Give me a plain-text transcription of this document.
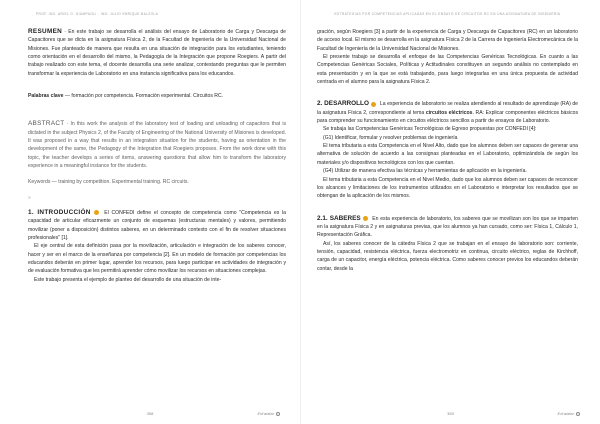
PROF. ING. ARIEL O. GIAMPAOLI - ING. JULIO ENRIQUE BALZOLA

RESUMEN · En este trabajo se desarrolla el análisis del ensayo de Laboratorio de Carga y Descarga de Capacitores que se dicta en la asignatura Física 2, de la Facultad de Ingeniería de la Universidad Nacional de Misiones. Fue planteado de manera que resulta en una situación de integración para los estudiantes, teniendo como orientación en el desarrollo del mismo, la Pedagogía de la Integración que propone Roegiers. A partir del trabajo realizado con este tema, el docente desarrolla una serie analizar, contestando preguntas que le permiten transformar la experiencia de Laboratorio en una instancia significativa para los educandos.

Palabras clave — formación por competencia. Formación experimental. Circuitos RC.

ABSTRACT · In this work the analysis of the laboratory test of loading and unloading of capacitors that is dictated in the subject Physics 2, of the Faculty of Engineering of the National University of Misiones is developed. It was proposed in a way that results in an integration situation for the students, having as orientation in the development of the same, the Pedagogy of the Integration that Roegiers proposes. From the work done with this topic, the teacher develops a series of items, answering questions that allow him to transform the laboratory experience in a meaningful instance for the students.

Keywords — training by competition. Experimental training. RC circuits.

»

1. INTRODUCCIÓN	El CONFEDI define el concepto de competencia como "Competencia es la capacidad de articular eficazmente un conjunto de esquemas (estructuras mentales) y valores, permitiendo movilizar (poner a disposición) distintos saberes, en un determinado contexto con el fin de resolver situaciones profesionales" [1].

El eje central de esta definición pasa por la movilización, articulación e integración de los saberes conocer, hacer y ser en el marco de la enseñanza por competencia [2]. En un modelo de formación por competencias los educandos deberán en primer lugar, aprender los recursos, para luego participar en actividades de integración y de evaluación formativa que les permitirá aprender cómo movilizar los recursos en situaciones complejas.

Este trabajo presenta el ejemplo de planteo del desarrollo de una situación de inte-

358	Ext'abitar
ESTRATEGIAS POR COMPETENCIAS APLICADAS EN EL ENSAYO DE CIRCUITOS RC EN UNA ASIGNATURA DE INGENIERÍA

gración, según Roegiers [3] a partir de la experiencia de Carga y Descarga de Capacitores (RC) en un laboratorio de acceso local. El mismo se desarrolla en la asignatura Física 2 de la Carrera de Ingeniería Electromecánica de la Facultad de Ingeniería de la Universidad Nacional de Misiones.

El presente trabajo se desarrolla el enfoque de las Competencias Genéricas Tecnológicas. En cuanto a las Competencias Genéricas Sociales, Políticas y Actitudinales constituyen un segundo análisis no contemplado en esta presentación y en la que se está trabajando, para luego integrarlas en una única propuesta de actividad centrada en el alumno para la asignatura Física 2.

2. DESARROLLO La experiencia de laboratorio se realiza atendiendo al resultado de aprendizaje (RA) de la asignatura Física 2, correspondiente al tema circuitos eléctricos. RA: Explicar componentes eléctricos básicos para comprender su funcionamiento en circuitos eléctricos sencillos a partir de ensayos de Laboratorio.

Se trabaja las Competencias Genéricas Tecnológicas de Egreso propuestas por CONFEDI [4]:

(G1) Identificar, formular y resolver problemas de ingeniería

El tema tributaria a esta Competencia en el Nivel Alto, dado que los alumnos deben ser capaces de generar una alternativa de solución de acuerdo a las consignas planteadas en el Laboratorio, optimizándola de según los materiales y/o dispositivos tecnológicos con los que cuentan.

(G4) Utilizar de manera efectiva las técnicas y herramientas de aplicación en la ingeniería.

El tema tributaria a esta Competencia en el Nivel Medio, dado que los alumnos deben ser capaces de reconocer los alcances y limitaciones de los instrumentos utilizados en el Laboratorio e interpretar los resultados que se obtengan de la aplicación de los mismos.

2.1. SABERES En esta experiencia de laboratorio, los saberes que se movilizan son los que se imparten en la asignatura Física 2 y en asignaturas previas, que los alumnos ya han cursado, como ser: Física 1, Cálculo 1, Representación Gráfica.

Así, los saberes conocer de la cátedra Física 2 que se trabajan en el ensayo de laboratorio son: corriente, tensión, capacidad, resistencia eléctrica, fuerza electromotriz en continua, circuito eléctrico, reglas de Kirchhoff, carga de un capacitor, energía eléctrica, potencia eléctrica. Como saberes conocer previos los educandos deberán contar, desde la

359	Ext'abitar
